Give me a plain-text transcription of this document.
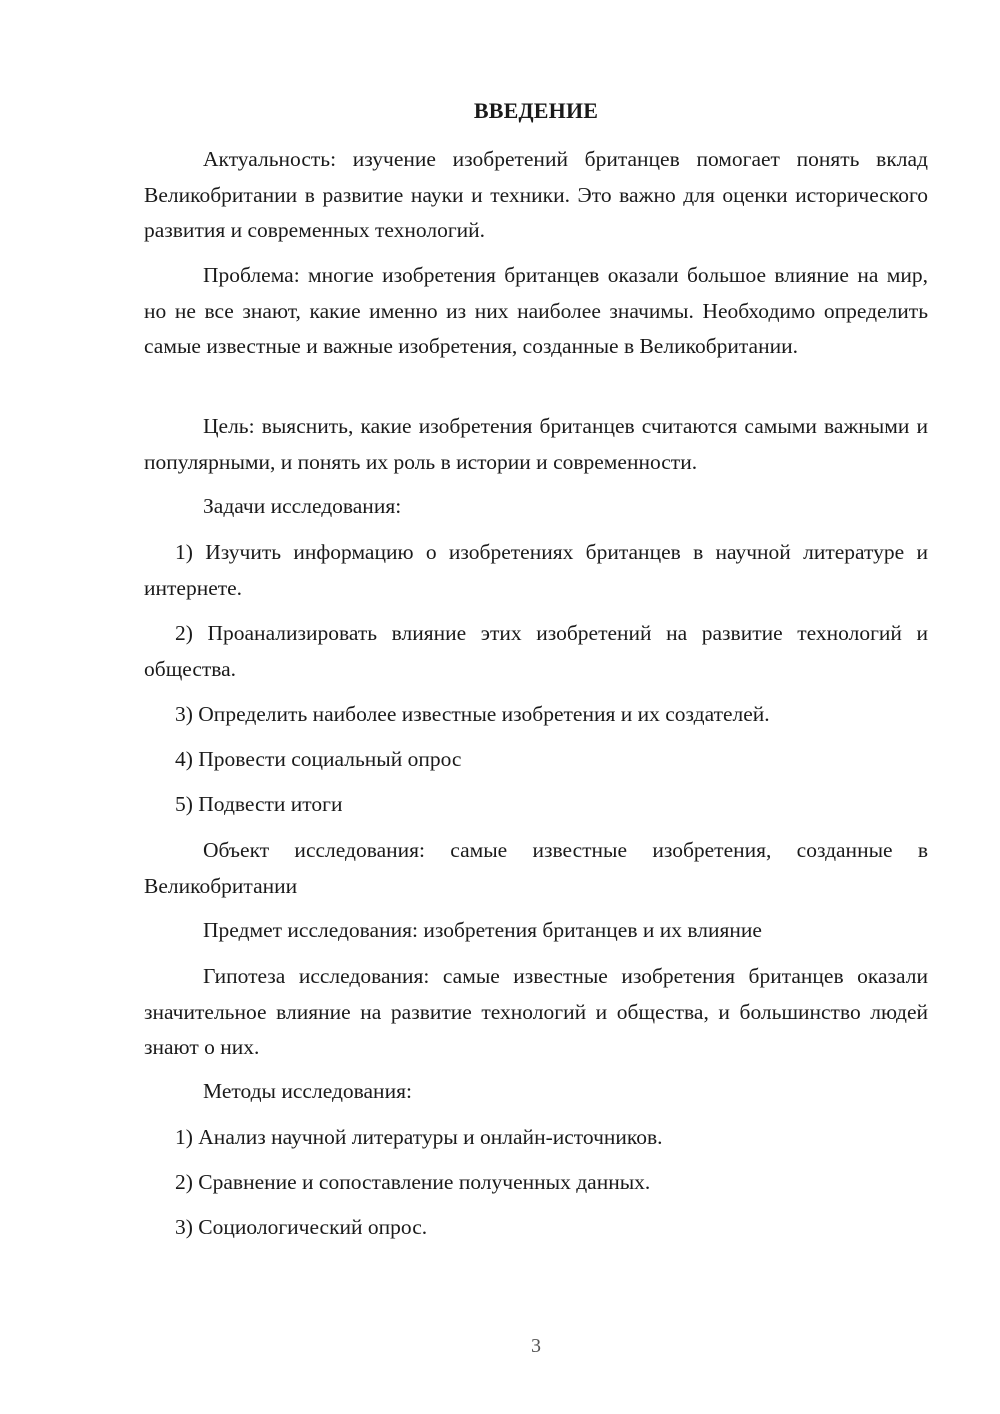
ВВЕДЕНИЕ

Актуальность: изучение изобретений британцев помогает понять вклад Великобритании в развитие науки и техники. Это важно для оценки исторического развития и современных технологий.

Проблема: многие изобретения британцев оказали большое влияние на мир, но не все знают, какие именно из них наиболее значимы. Необходимо определить самые известные и важные изобретения, созданные в Великобритании.

Цель: выяснить, какие изобретения британцев считаются самыми важными и популярными, и понять их роль в истории и современности.

Задачи исследования:

1) Изучить информацию о изобретениях британцев в научной литературе и интернете.

2) Проанализировать влияние этих изобретений на развитие технологий и общества.

3) Определить наиболее известные изобретения и их создателей.

4) Провести социальный опрос

5) Подвести итоги

Объект исследования: самые известные изобретения, созданные в Великобритании

Предмет исследования: изобретения британцев и их влияние

Гипотеза исследования: самые известные изобретения британцев оказали значительное влияние на развитие технологий и общества, и большинство людей знают о них.

Методы исследования:

1) Анализ научной литературы и онлайн-источников.

2) Сравнение и сопоставление полученных данных.

3) Социологический опрос.

3
